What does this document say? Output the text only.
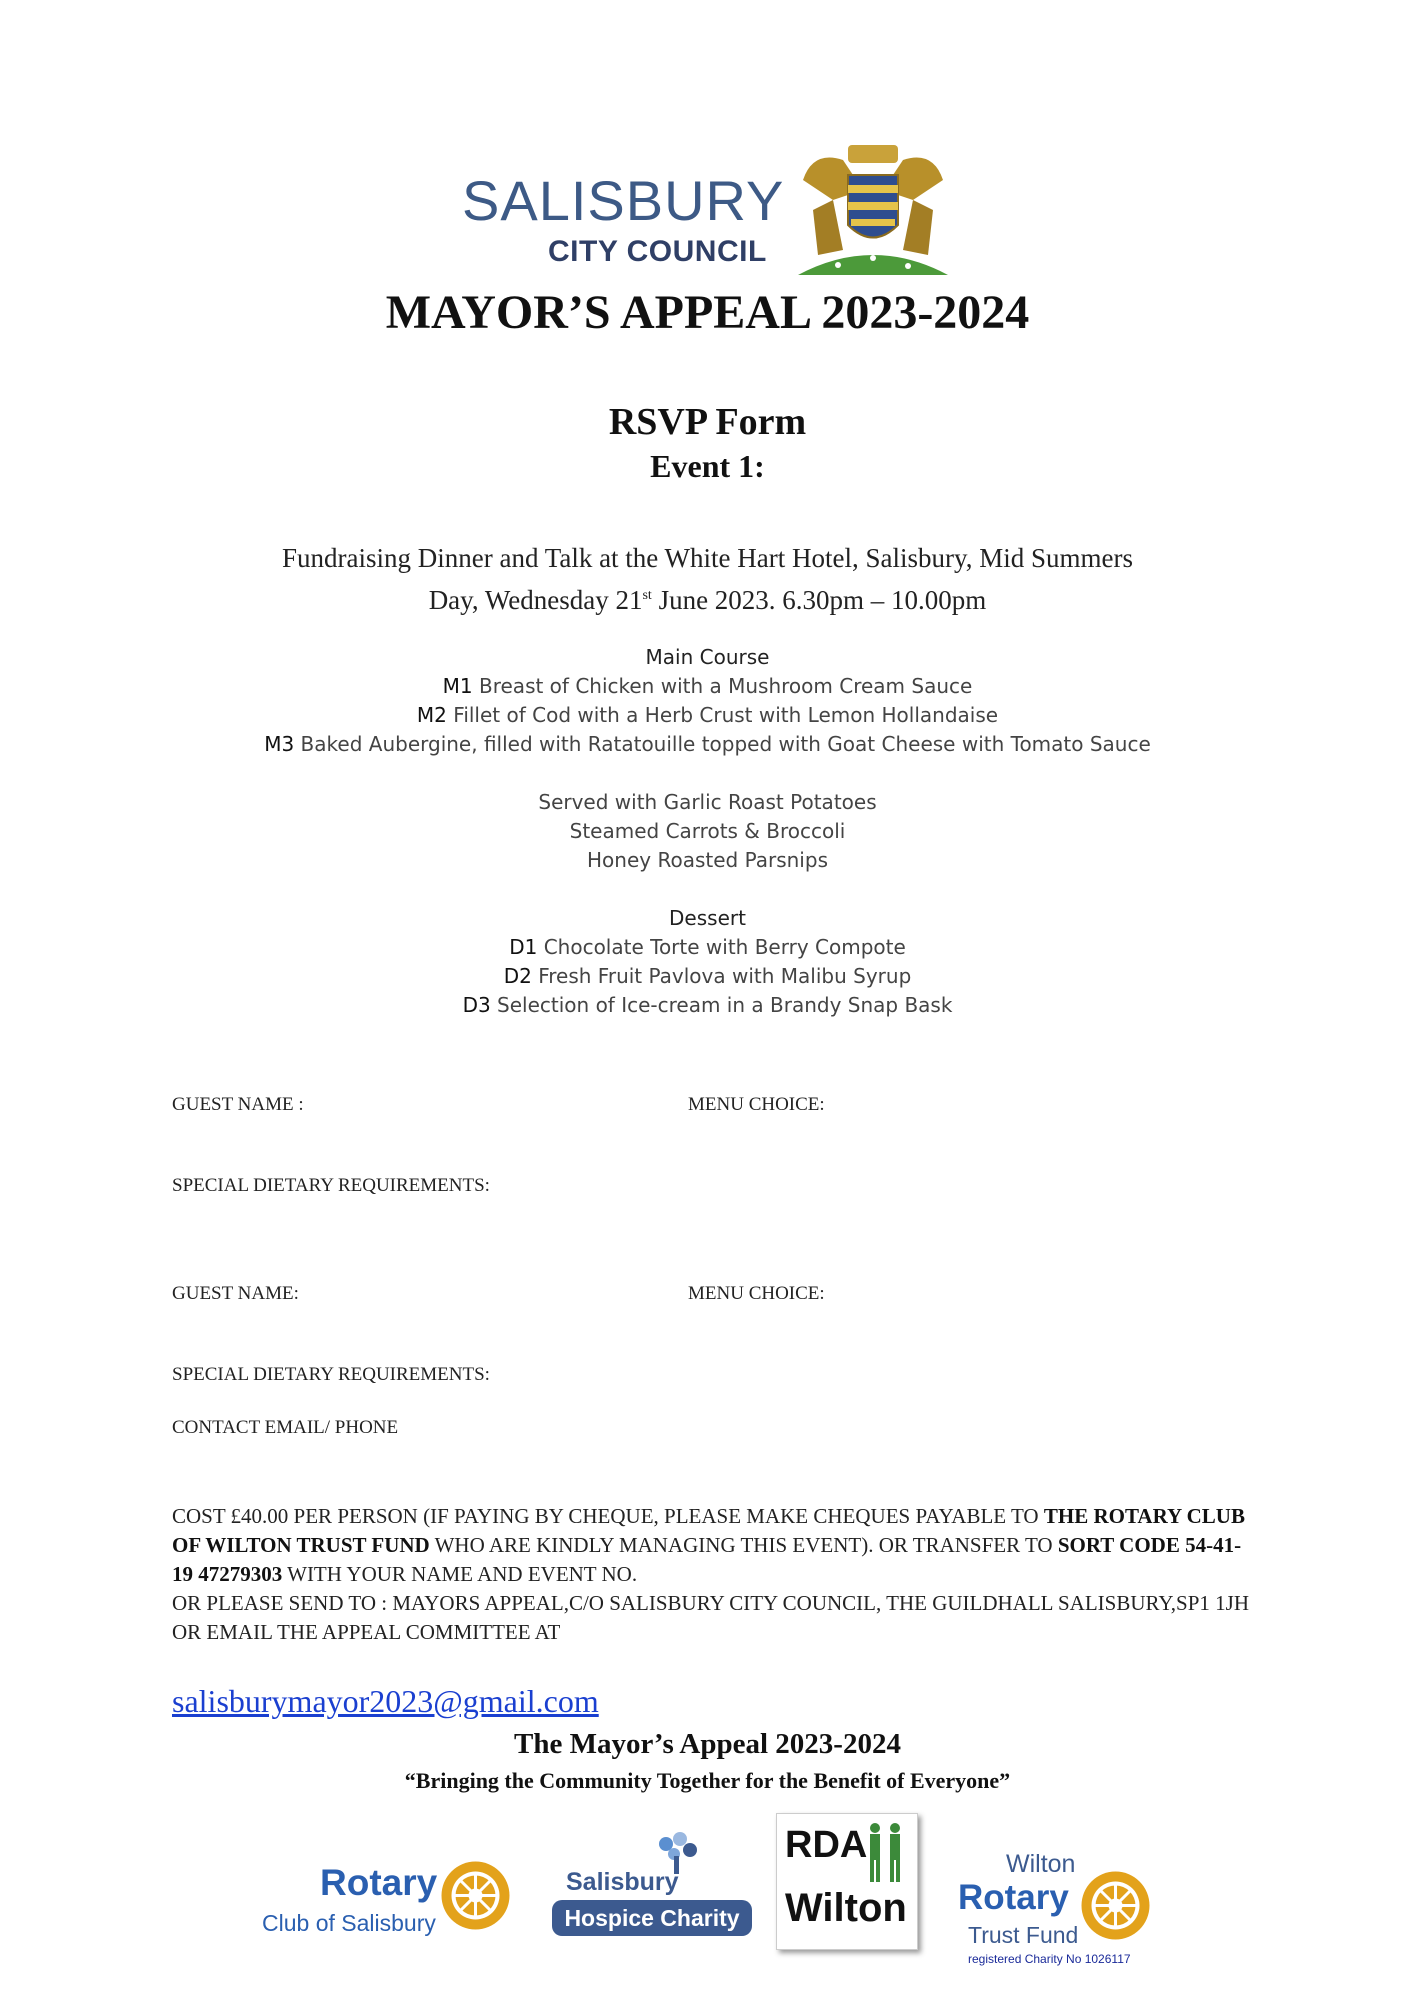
SALISBURY
CITY COUNCIL
MAYOR’S APPEAL 2023-2024
RSVP Form
Event 1:
Fundraising Dinner and Talk at the White Hart Hotel, Salisbury, Mid Summers
Day, Wednesday 21st June 2023. 6.30pm – 10.00pm
Main Course
M1 Breast of Chicken with a Mushroom Cream Sauce
M2 Fillet of Cod with a Herb Crust with Lemon Hollandaise
M3 Baked Aubergine, filled with Ratatouille topped with Goat Cheese with Tomato Sauce
Served with Garlic Roast Potatoes
Steamed Carrots & Broccoli
Honey Roasted Parsnips
Dessert
D1 Chocolate Torte with Berry Compote
D2 Fresh Fruit Pavlova with Malibu Syrup
D3 Selection of Ice-cream in a Brandy Snap Bask
GUEST NAME :	MENU CHOICE:
SPECIAL DIETARY REQUIREMENTS:
GUEST NAME:	MENU CHOICE:
SPECIAL DIETARY REQUIREMENTS:
CONTACT EMAIL/ PHONE
COST £40.00 PER PERSON (IF PAYING BY CHEQUE, PLEASE MAKE CHEQUES PAYABLE TO THE ROTARY CLUB OF WILTON TRUST FUND WHO ARE KINDLY MANAGING THIS EVENT). OR TRANSFER TO SORT CODE 54-41-19 47279303 WITH YOUR NAME AND EVENT NO.
OR PLEASE SEND TO : MAYORS APPEAL,C/O SALISBURY CITY COUNCIL, THE GUILDHALL SALISBURY,SP1 1JH OR EMAIL THE APPEAL COMMITTEE AT
salisburymayor2023@gmail.com
The Mayor’s Appeal 2023-2024
“Bringing the Community Together for the Benefit of Everyone”
Rotary
Club of Salisbury
Salisbury
Hospice Charity
RDA
Wilton
Wilton
Rotary
Trust Fund
registered Charity No 1026117
